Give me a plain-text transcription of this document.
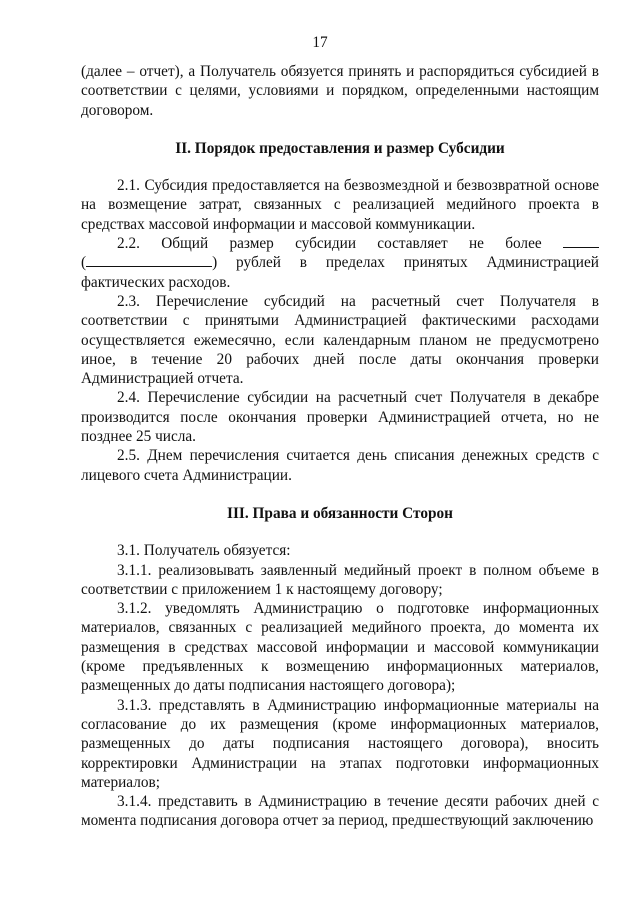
17

(далее – отчет), а Получатель обязуется принять и распорядиться субсидией в соответствии с целями, условиями и порядком, определенными настоящим договором.

II. Порядок предоставления и размер Субсидии

2.1. Субсидия предоставляется на безвозмездной и безвозвратной основе на возмещение затрат, связанных с реализацией медийного проекта в средствах массовой информации и массовой коммуникации.

2.2. Общий размер субсидии составляет не более
(	) рублей в пределах принятых Администрацией
фактических расходов.

2.3. Перечисление субсидий на расчетный счет Получателя в соответствии с принятыми Администрацией фактическими расходами осуществляется ежемесячно, если календарным планом не предусмотрено иное, в течение 20 рабочих дней после даты окончания проверки Администрацией отчета.

2.4. Перечисление субсидии на расчетный счет Получателя в декабре производится после окончания проверки Администрацией отчета, но не позднее 25 числа.

2.5. Днем перечисления считается день списания денежных средств с лицевого счета Администрации.

III. Права и обязанности Сторон

3.1. Получатель обязуется:

3.1.1. реализовывать заявленный медийный проект в полном объеме в соответствии с приложением 1 к настоящему договору;

3.1.2. уведомлять Администрацию о подготовке информационных материалов, связанных с реализацией медийного проекта, до момента их размещения в средствах массовой информации и массовой коммуникации (кроме предъявленных к возмещению информационных материалов, размещенных до даты подписания настоящего договора);

3.1.3. представлять в Администрацию информационные материалы на согласование до их размещения (кроме информационных материалов, размещенных до даты подписания настоящего договора), вносить корректировки Администрации на этапах подготовки информационных материалов;

3.1.4. представить в Администрацию в течение десяти рабочих дней с момента подписания договора отчет за период, предшествующий заключению
